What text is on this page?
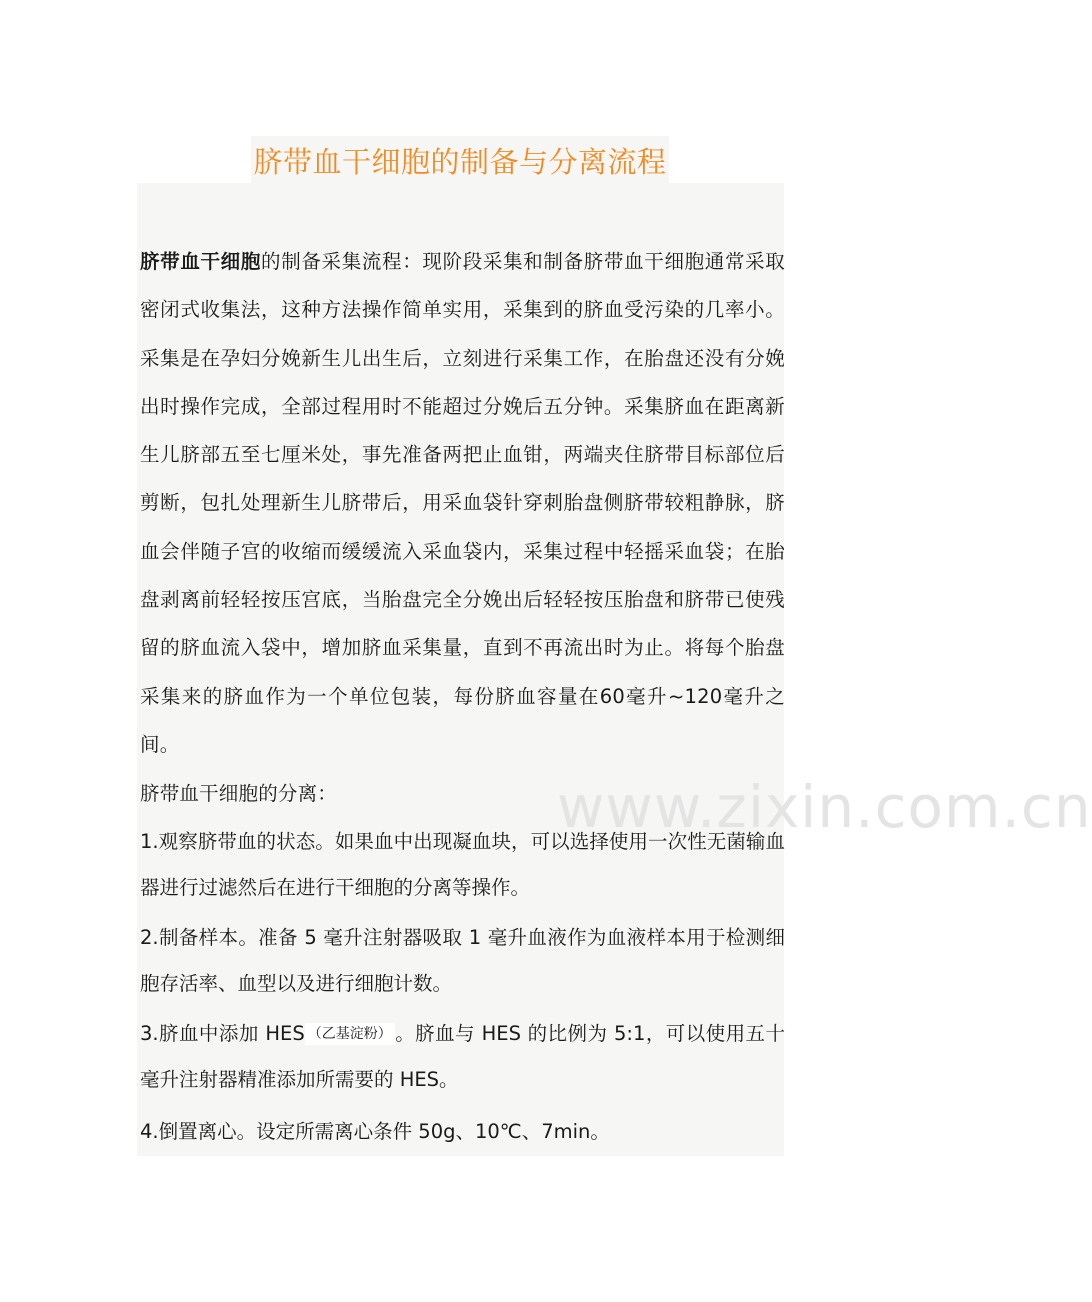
脐带血干细胞的制备与分离流程
脐带血干细胞的制备采集流程：现阶段采集和制备脐带血干细胞通常采取密闭式收集法，这种方法操作简单实用，采集到的脐血受污染的几率小。采集是在孕妇分娩新生儿出生后，立刻进行采集工作，在胎盘还没有分娩出时操作完成，全部过程用时不能超过分娩后五分钟。采集脐血在距离新生儿脐部五至七厘米处，事先准备两把止血钳，两端夹住脐带目标部位后剪断，包扎处理新生儿脐带后，用采血袋针穿刺胎盘侧脐带较粗静脉，脐血会伴随子宫的收缩而缓缓流入采血袋内，采集过程中轻摇采血袋；在胎盘剥离前轻轻按压宫底，当胎盘完全分娩出后轻轻按压胎盘和脐带已使残留的脐血流入袋中，增加脐血采集量，直到不再流出时为止。将每个胎盘采集来的脐血作为一个单位包装，每份脐血容量在60毫升~120毫升之间。
脐带血干细胞的分离：
1.观察脐带血的状态。如果血中出现凝血块，可以选择使用一次性无菌输血器进行过滤然后在进行干细胞的分离等操作。
2.制备样本。准备 5 毫升注射器吸取 1 毫升血液作为血液样本用于检测细胞存活率、血型以及进行细胞计数。
3.脐血中添加 HES （乙基淀粉） 。脐血与 HES 的比例为 5:1，可以使用五十毫升注射器精准添加所需要的 HES。
4.倒置离心。设定所需离心条件 50g、10℃、7min。
www.zixin.com.cn
